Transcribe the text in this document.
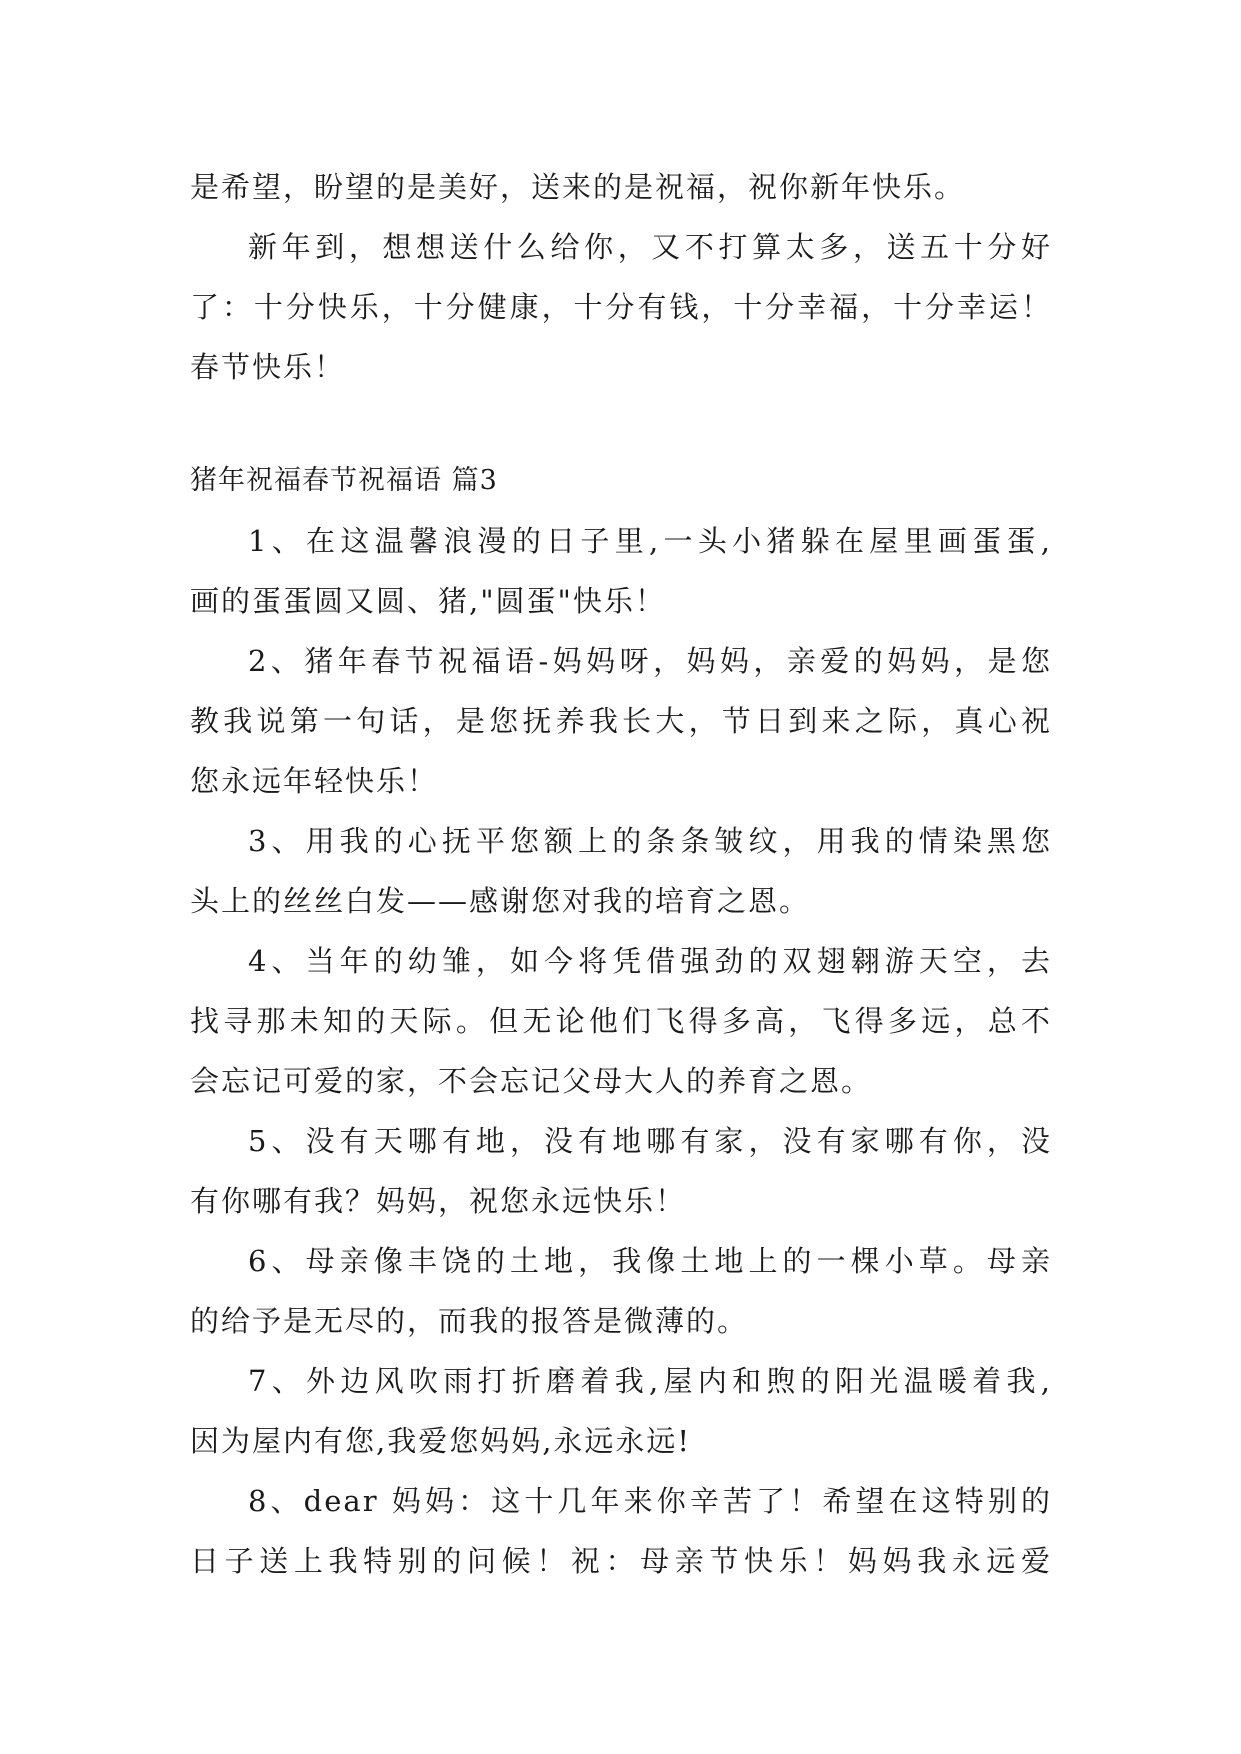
是希望，盼望的是美好，送来的是祝福，祝你新年快乐。
新年到，想想送什么给你，又不打算太多，送五十分好
了：十分快乐，十分健康，十分有钱，十分幸福，十分幸运！
春节快乐！
猪年祝福春节祝福语 篇3
1、在这温馨浪漫的日子里,一头小猪躲在屋里画蛋蛋,
画的蛋蛋圆又圆、猪,"圆蛋"快乐！
2、猪年春节祝福语-妈妈呀，妈妈，亲爱的妈妈，是您
教我说第一句话，是您抚养我长大，节日到来之际，真心祝
您永远年轻快乐！
3、用我的心抚平您额上的条条皱纹，用我的情染黑您
头上的丝丝白发——感谢您对我的培育之恩。
4、当年的幼雏，如今将凭借强劲的双翅翱游天空，去
找寻那未知的天际。但无论他们飞得多高，飞得多远，总不
会忘记可爱的家，不会忘记父母大人的养育之恩。
5、没有天哪有地，没有地哪有家，没有家哪有你，没
有你哪有我？妈妈，祝您永远快乐！
6、母亲像丰饶的土地，我像土地上的一棵小草。母亲
的给予是无尽的，而我的报答是微薄的。
7、外边风吹雨打折磨着我,屋内和煦的阳光温暖着我,
因为屋内有您,我爱您妈妈,永远永远!
8、dear 妈妈：这十几年来你辛苦了！希望在这特别的
日子送上我特别的问候！祝：母亲节快乐！妈妈我永远爱
